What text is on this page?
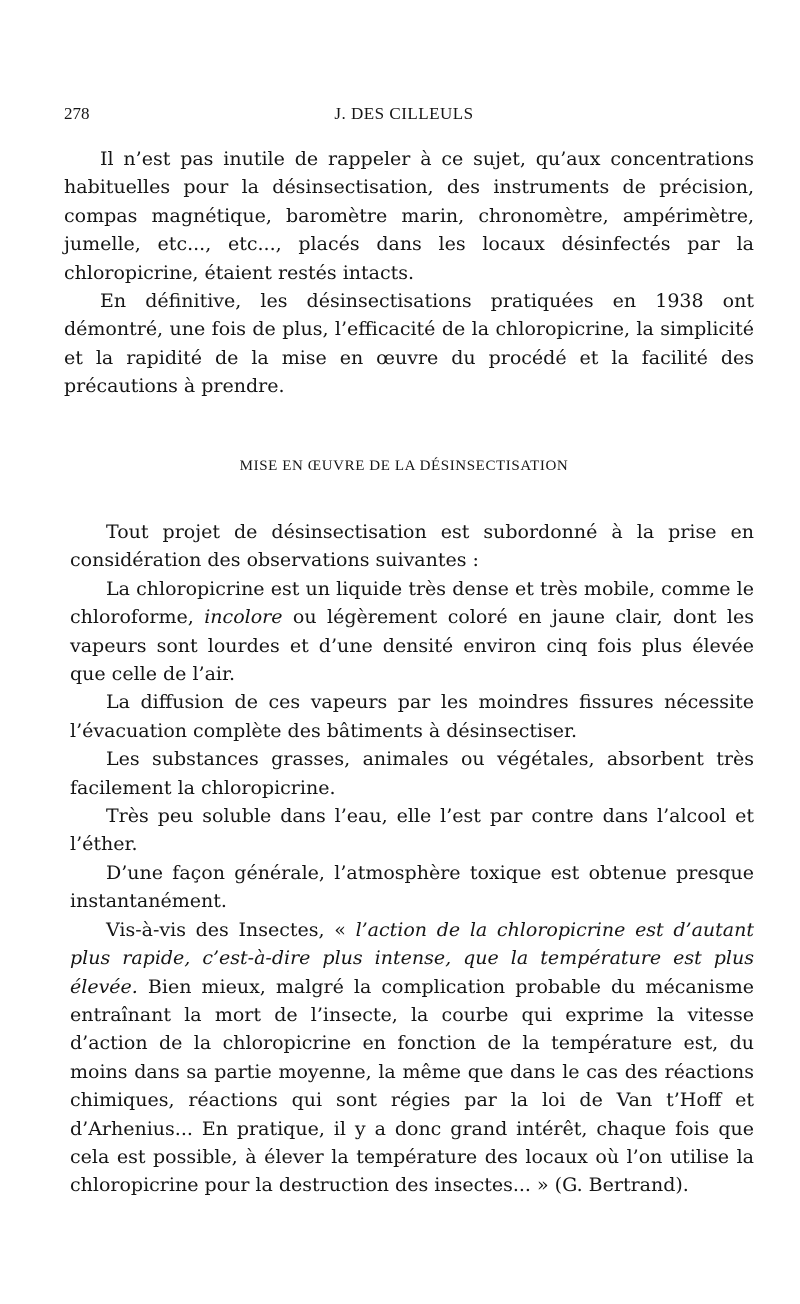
278	J. DES CILLEULS

Il n’est pas inutile de rappeler à ce sujet, qu’aux concentrations habituelles pour la désinsectisation, des instruments de précision, compas magnétique, baromètre marin, chronomètre, ampérimètre, jumelle, etc..., etc..., placés dans les locaux désinfectés par la chloropicrine, étaient restés intacts.

En définitive, les désinsectisations pratiquées en 1938 ont démontré, une fois de plus, l’efficacité de la chloropicrine, la simplicité et la rapidité de la mise en œuvre du procédé et la facilité des précautions à prendre.

MISE EN ŒUVRE DE LA DÉSINSECTISATION

Tout projet de désinsectisation est subordonné à la prise en considération des observations suivantes :

La chloropicrine est un liquide très dense et très mobile, comme le chloroforme, incolore ou légèrement coloré en jaune clair, dont les vapeurs sont lourdes et d’une densité environ cinq fois plus élevée que celle de l’air.

La diffusion de ces vapeurs par les moindres fissures nécessite l’évacuation complète des bâtiments à désinsectiser.

Les substances grasses, animales ou végétales, absorbent très facilement la chloropicrine.

Très peu soluble dans l’eau, elle l’est par contre dans l’alcool et l’éther.

D’une façon générale, l’atmosphère toxique est obtenue presque instantanément.

Vis-à-vis des Insectes, « l’action de la chloropicrine est d’autant plus rapide, c’est-à-dire plus intense, que la température est plus élevée. Bien mieux, malgré la complication probable du mécanisme entraînant la mort de l’insecte, la courbe qui exprime la vitesse d’action de la chloropicrine en fonction de la température est, du moins dans sa partie moyenne, la même que dans le cas des réactions chimiques, réactions qui sont régies par la loi de Van t’Hoff et d’Arhenius... En pratique, il y a donc grand intérêt, chaque fois que cela est possible, à élever la température des locaux où l’on utilise la chloropicrine pour la destruction des insectes... » (G. Bertrand).
